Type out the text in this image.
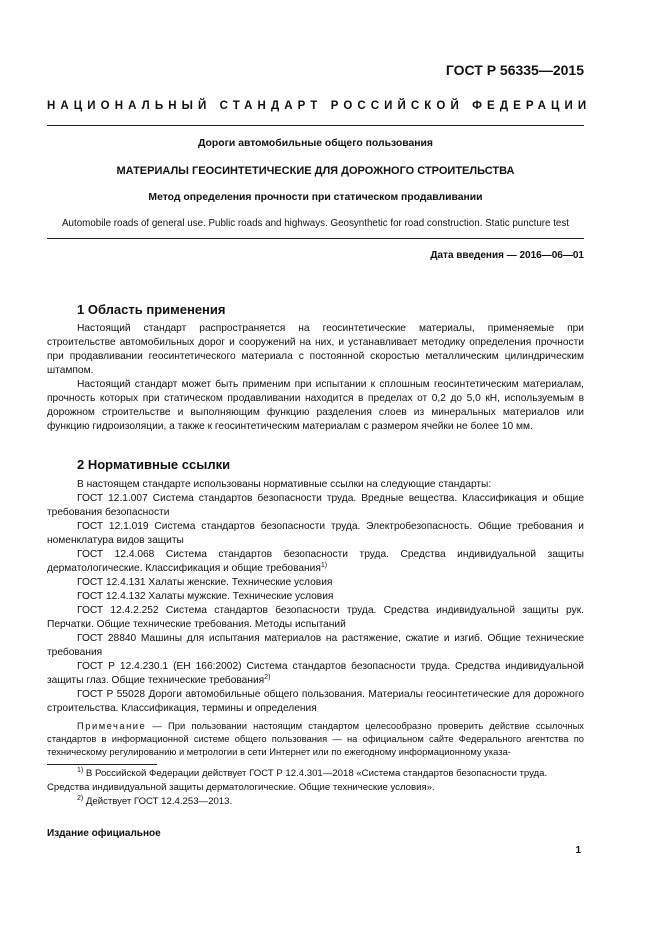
ГОСТ Р 56335—2015
НАЦИОНАЛЬНЫЙ СТАНДАРТ РОССИЙСКОЙ ФЕДЕРАЦИИ
Дороги автомобильные общего пользования
МАТЕРИАЛЫ ГЕОСИНТЕТИЧЕСКИЕ ДЛЯ ДОРОЖНОГО СТРОИТЕЛЬСТВА
Метод определения прочности при статическом продавливании
Automobile roads of general use. Public roads and highways. Geosynthetic for road construction. Static puncture test
Дата введения — 2016—06—01
1 Область применения

Настоящий стандарт распространяется на геосинтетические материалы, применяемые при строительстве автомобильных дорог и сооружений на них, и устанавливает методику определения прочности при продавливании геосинтетического материала с постоянной скоростью металлическим цилиндрическим штампом.

Настоящий стандарт может быть применим при испытании к сплошным геосинтетическим материалам, прочность которых при статическом продавливании находится в пределах от 0,2 до 5,0 кН, используемым в дорожном строительстве и выполняющим функцию разделения слоев из минеральных материалов или функцию гидроизоляции, а также к геосинтетическим материалам с размером ячейки не более 10 мм.

2 Нормативные ссылки

В настоящем стандарте использованы нормативные ссылки на следующие стандарты:

ГОСТ 12.1.007 Система стандартов безопасности труда. Вредные вещества. Классификация и общие требования безопасности

ГОСТ 12.1.019 Система стандартов безопасности труда. Электробезопасность. Общие требования и номенклатура видов защиты

ГОСТ 12.4.068 Система стандартов безопасности труда. Средства индивидуальной защиты дерматологические. Классификация и общие требования$^{1)}$

ГОСТ 12.4.131 Халаты женские. Технические условия

ГОСТ 12.4.132 Халаты мужские. Технические условия

ГОСТ 12.4.2.252 Система стандартов безопасности труда. Средства индивидуальной защиты рук. Перчатки. Общие технические требования. Методы испытаний

ГОСТ 28840 Машины для испытания материалов на растяжение, сжатие и изгиб. Общие технические требования

ГОСТ Р 12.4.230.1 (ЕН 166:2002) Система стандартов безопасности труда. Средства индивидуальной защиты глаз. Общие технические требования$^{2)}$

ГОСТ Р 55028 Дороги автомобильные общего пользования. Материалы геосинтетические для дорожного строительства. Классификация, термины и определения

Примечание — При пользовании настоящим стандартом целесообразно проверить действие ссылочных стандартов в информационной системе общего пользования — на официальном сайте Федерального агентства по техническому регулированию и метрологии в сети Интернет или по ежегодному информационному указа-

$^{1)}$ В Российской Федерации действует ГОСТ Р 12.4.301—2018 «Система стандартов безопасности труда. Средства индивидуальной защиты дерматологические. Общие технические условия».

$^{2)}$ Действует ГОСТ 12.4.253—2013.

Издание официальное
1
